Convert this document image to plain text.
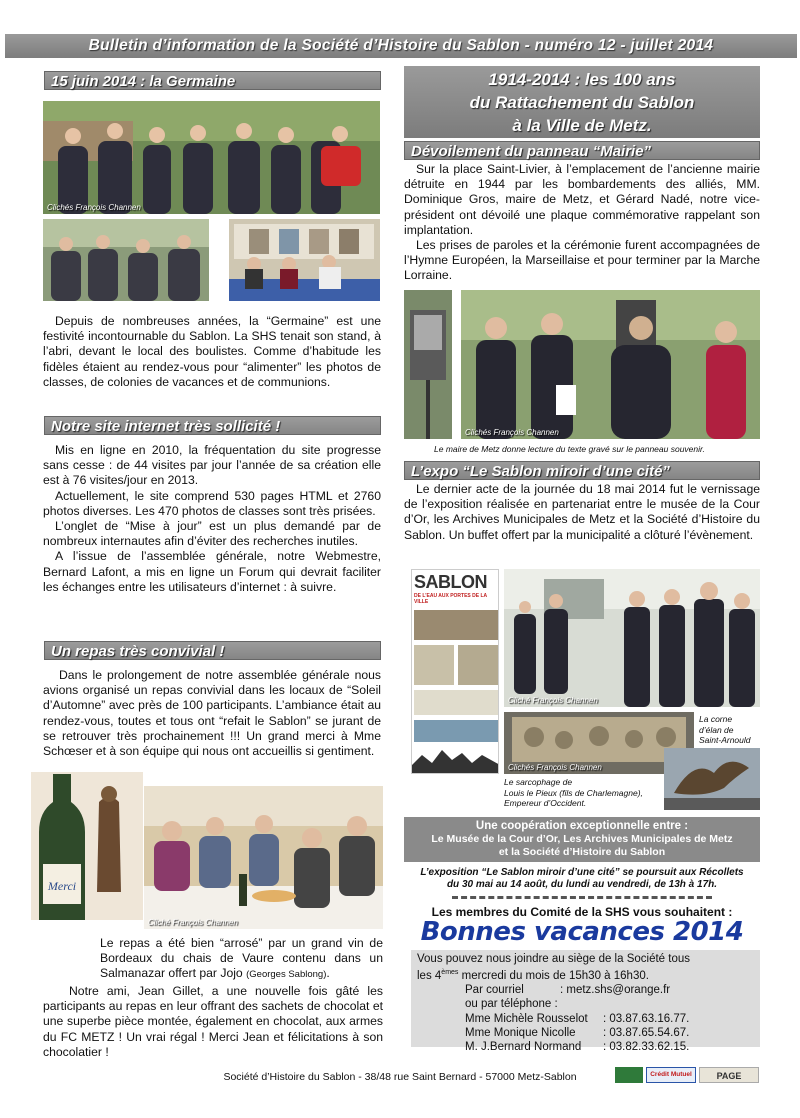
Bulletin d’information de la Société d’Histoire du Sablon - numéro 12 - juillet 2014
15 juin 2014 : la Germaine
Clichés François Channen

Depuis de nombreuses années, la “Germaine” est une festivité incontournable du Sablon. La SHS tenait son stand, à l’abri, devant le local des boulistes. Comme d’habitude les fidèles étaient au rendez-vous pour “alimenter” les photos de classes, de colonies de vacances et de communions.

Notre site internet très sollicité !

Mis en ligne en 2010, la fréquentation du site progresse sans cesse : de 44 visites par jour l’année de sa création elle est à 76 visites/jour en 2013.

Actuellement, le site comprend 530 pages HTML et 2760 photos diverses. Les 470 photos de classes sont très prisées.

L’onglet de “Mise à jour” est un plus demandé par de nombreux internautes afin d’éviter des recherches inutiles.

A l’issue de l’assemblée générale, notre Webmestre, Bernard Lafont, a mis en ligne un Forum qui devrait faciliter les échanges entre les utilisateurs d’internet : à suivre.

Un repas très convivial !

Dans le prolongement de notre assemblée générale nous avions organisé un repas convivial dans les locaux de “Soleil d’Automne” avec près de 100 participants. L’ambiance était au rendez-vous, toutes et tous ont “refait le Sablon” se jurant de se retrouver très prochainement !!! Un grand merci à Mme Schœser et à son équipe qui nous ont accueillis si gentiment.

Merci
Cliché François Channen

Le repas a été bien “arrosé” par un grand vin de Bordeaux du chais de Vaure contenu dans un Salmanazar offert par Jojo (Georges Sablong).

Notre ami, Jean Gillet, a une nouvelle fois gâté les participants au repas en leur offrant des sachets de chocolat et une superbe pièce montée, également en chocolat, aux armes du FC METZ ! Un vrai régal ! Merci Jean et félicitations à son chocolatier !

1914-2014 : les 100 ans
du Rattachement du Sablon
à la Ville de Metz.
Dévoilement du panneau “Mairie”

Sur la place Saint-Livier, à l’emplacement de l’ancienne mairie détruite en 1944 par les bombardements des alliés, MM. Dominique Gros, maire de Metz, et Gérard Nadé, notre vice-président ont dévoilé une plaque commémorative rappelant son implantation.

Les prises de paroles et la cérémonie furent accompagnées de l’Hymne Européen, la Marseillaise et pour terminer par la Marche Lorraine.

Clichés François Channen
Le maire de Metz donne lecture du texte gravé sur le panneau souvenir.
L’expo “Le Sablon miroir d’une cité”

Le dernier acte de la journée du 18 mai 2014 fut le vernissage de l’exposition réalisée en partenariat entre le musée de la Cour d’Or, les Archives Municipales de Metz et la Société d’Histoire du Sablon. Un buffet offert par la municipalité a clôturé l’évènement.

SABLON
DE L’EAU AUX PORTES DE LA VILLE
Cliché François Channen
La corne
d’élan de
Saint-Arnould
Clichés François Channen
Le sarcophage de
Louis le Pieux (fils de Charlemagne),
Empereur d’Occident.
Une coopération exceptionnelle entre :
Le Musée de la Cour d’Or, Les Archives Municipales de Metz
et la Société d’Histoire du Sablon
L’exposition “Le Sablon miroir d’une cité” se poursuit aux Récollets
du 30 mai au 14 août, du lundi au vendredi, de 13h à 17h.
Les membres du Comité de la SHS vous souhaitent :
Bonnes vacances 2014
Vous pouvez nous joindre au siège de la Société tous
les 4èmes mercredi du mois de 15h30 à 16h30.
Par courriel	: metz.shs@orange.fr
ou par téléphone :
Mme Michèle Rousselot : 03.87.63.16.77.
Mme Monique Nicolle : 03.87.65.54.67.
M. J.Bernard Normand : 03.82.33.62.15.
Société d’Histoire du Sablon - 38/48 rue Saint Bernard - 57000 Metz-Sablon	Crédit Mutuel	PAGE
